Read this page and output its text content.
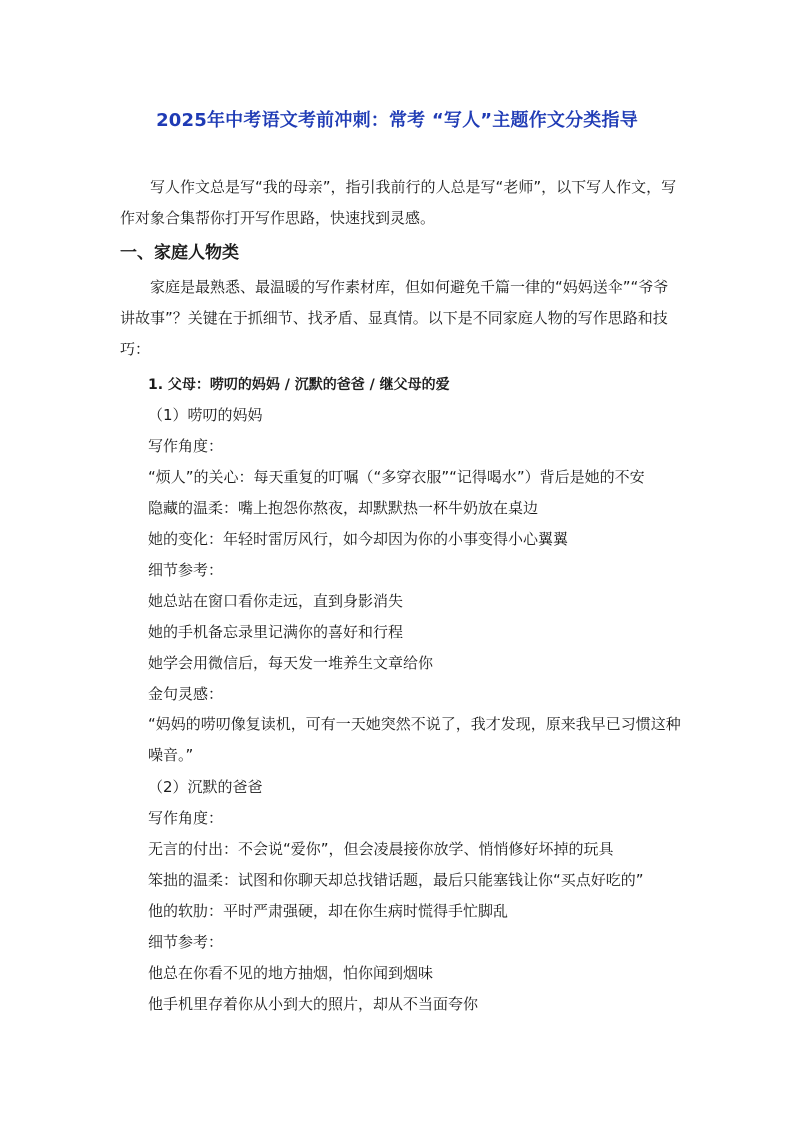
2025年中考语文考前冲刺：常考 “写人”主题作文分类指导
写人作文总是写“我的母亲”，指引我前行的人总是写“老师”，以下写人作文，写作对象合集帮你打开写作思路，快速找到灵感。
一、家庭人物类
家庭是最熟悉、最温暖的写作素材库，但如何避免千篇一律的“妈妈送伞”“爷爷讲故事”？关键在于抓细节、找矛盾、显真情。以下是不同家庭人物的写作思路和技巧：
1. 父母：唠叨的妈妈 / 沉默的爸爸 / 继父母的爱
（1）唠叨的妈妈
写作角度：
“烦人”的关心：每天重复的叮嘱（“多穿衣服”“记得喝水”）背后是她的不安
隐藏的温柔：嘴上抱怨你熬夜，却默默热一杯牛奶放在桌边
她的变化：年轻时雷厉风行，如今却因为你的小事变得小心翼翼
细节参考：
她总站在窗口看你走远，直到身影消失
她的手机备忘录里记满你的喜好和行程
她学会用微信后，每天发一堆养生文章给你
金句灵感：
“妈妈的唠叨像复读机，可有一天她突然不说了，我才发现，原来我早已习惯这种噪音。”
（2）沉默的爸爸
写作角度：
无言的付出：不会说“爱你”，但会凌晨接你放学、悄悄修好坏掉的玩具
笨拙的温柔：试图和你聊天却总找错话题，最后只能塞钱让你“买点好吃的”
他的软肋：平时严肃强硬，却在你生病时慌得手忙脚乱
细节参考：
他总在你看不见的地方抽烟，怕你闻到烟味
他手机里存着你从小到大的照片，却从不当面夸你
